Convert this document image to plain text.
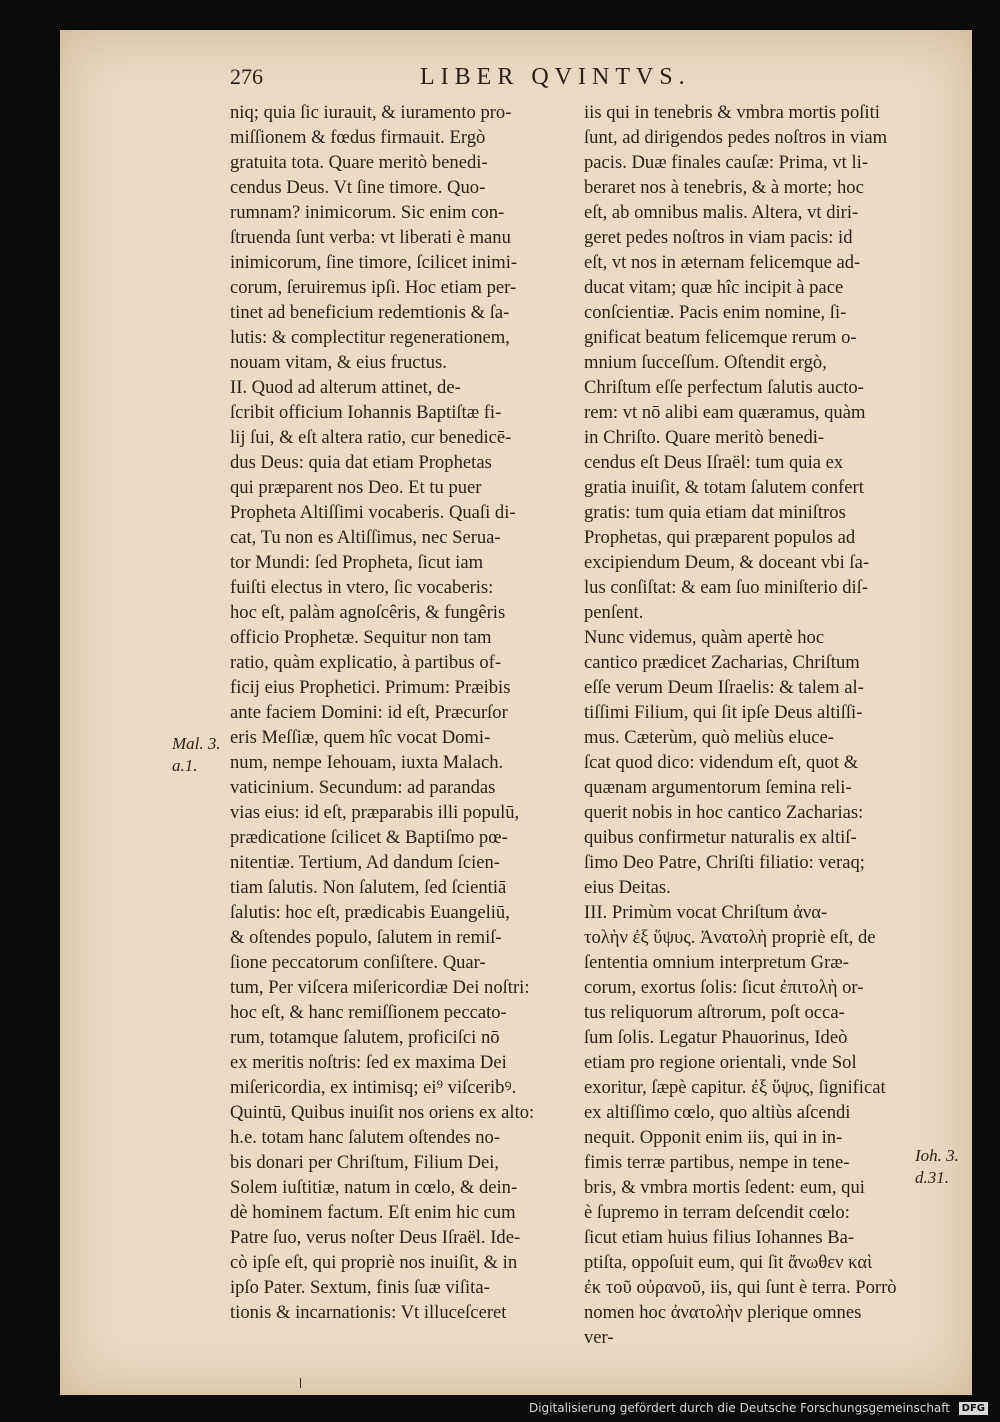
276	LIBER QVINTVS.
niq; quia ſic iurauit, & iuramento pro-
miſſionem & fœdus firmauit. Ergò
gratuita tota. Quare meritò benedi-
cendus Deus. Vt ſine timore. Quo-
rumnam? inimicorum. Sic enim con-
ſtruenda ſunt verba: vt liberati è manu
inimicorum, ſine timore, ſcilicet inimi-
corum, ſeruiremus ipſi. Hoc etiam per-
tinet ad beneficium redemtionis & ſa-
lutis: & complectitur regenerationem,
nouam vitam, & eius fructus.
II. Quod ad alterum attinet, de-
ſcribit officium Iohannis Baptiſtæ fi-
lij ſui, & eſt altera ratio, cur benedicē-
dus Deus: quia dat etiam Prophetas
qui præparent nos Deo. Et tu puer
Propheta Altiſſimi vocaberis. Quaſi di-
cat, Tu non es Altiſſimus, nec Serua-
tor Mundi: ſed Propheta, ſicut iam
fuiſti electus in vtero, ſic vocaberis:
hoc eſt, palàm agnoſcêris, & fungêris
officio Prophetæ. Sequitur non tam
ratio, quàm explicatio, à partibus of-
ficij eius Prophetici. Primum: Præibis
ante faciem Domini: id eſt, Præcurſor
eris Meſſiæ, quem hîc vocat Domi-
num, nempe Iehouam, iuxta Malach.
vaticinium. Secundum: ad parandas
vias eius: id eſt, præparabis illi populū,
prædicatione ſcilicet & Baptiſmo pœ-
nitentiæ. Tertium, Ad dandum ſcien-
tiam ſalutis. Non ſalutem, ſed ſcientiā
ſalutis: hoc eſt, prædicabis Euangeliū,
& oſtendes populo, ſalutem in remiſ-
ſione peccatorum conſiſtere. Quar-
tum, Per viſcera miſericordiæ Dei noſtri:
hoc eſt, & hanc remiſſionem peccato-
rum, totamque ſalutem, proficiſci nō
ex meritis noſtris: ſed ex maxima Dei
miſericordia, ex intimisq; ei⁹ viſceribꝰ.
Quintū, Quibus inuiſit nos oriens ex alto:
h.e. totam hanc ſalutem oſtendes no-
bis donari per Chriſtum, Filium Dei,
Solem iuſtitiæ, natum in cœlo, & dein-
dè hominem factum. Eſt enim hic cum
Patre ſuo, verus noſter Deus Iſraël. Ide-
cò ipſe eſt, qui propriè nos inuiſit, & in
ipſo Pater. Sextum, finis ſuæ viſita-
tionis & incarnationis: Vt illuceſceret
iis qui in tenebris & vmbra mortis poſiti
ſunt, ad dirigendos pedes noſtros in viam
pacis. Duæ finales cauſæ: Prima, vt li-
beraret nos à tenebris, & à morte; hoc
eſt, ab omnibus malis. Altera, vt diri-
geret pedes noſtros in viam pacis: id
eſt, vt nos in æternam felicemque ad-
ducat vitam; quæ hîc incipit à pace
conſcientiæ. Pacis enim nomine, ſi-
gnificat beatum felicemque rerum o-
mnium ſucceſſum. Oſtendit ergò,
Chriſtum eſſe perfectum ſalutis aucto-
rem: vt nō alibi eam quæramus, quàm
in Chriſto. Quare meritò benedi-
cendus eſt Deus Iſraël: tum quia ex
gratia inuiſit, & totam ſalutem confert
gratis: tum quia etiam dat miniſtros
Prophetas, qui præparent populos ad
excipiendum Deum, & doceant vbi ſa-
lus conſiſtat: & eam ſuo miniſterio diſ-
penſent.
Nunc videmus, quàm apertè hoc
cantico prædicet Zacharias, Chriſtum
eſſe verum Deum Iſraelis: & talem al-
tiſſimi Filium, qui ſit ipſe Deus altiſſi-
mus. Cæterùm, quò meliùs eluce-
ſcat quod dico: videndum eſt, quot &
quænam argumentorum ſemina reli-
querit nobis in hoc cantico Zacharias:
quibus confirmetur naturalis ex altiſ-
ſimo Deo Patre, Chriſti filiatio: veraq;
eius Deitas.
III. Primùm vocat Chriſtum ἀνα-
τολὴν ἐξ ὕψυς. Ἀνατολὴ propriè eſt, de
ſententia omnium interpretum Græ-
corum, exortus ſolis: ſicut ἐπιτολὴ or-
tus reliquorum aſtrorum, poſt occa-
ſum ſolis. Legatur Phauorinus, Ideò
etiam pro regione orientali, vnde Sol
exoritur, ſæpè capitur. ἐξ ὕψυς, ſignificat
ex altiſſimo cœlo, quo altiùs aſcendi
nequit. Opponit enim iis, qui in in-
fimis terræ partibus, nempe in tene-
bris, & vmbra mortis ſedent: eum, qui
è ſupremo in terram deſcendit cœlo:
ſicut etiam huius filius Iohannes Ba-
ptiſta, oppoſuit eum, qui ſit ἄνωθεν καὶ
ἐκ τοῦ οὐρανοῦ, iis, qui ſunt è terra. Porrò
nomen hoc ἀνατολὴν plerique omnes
ver-
Mal. 3.
a.1.
Ioh. 3.
d.31.
Digitalisierung gefördert durch die Deutsche Forschungsgemeinschaft	DFG
